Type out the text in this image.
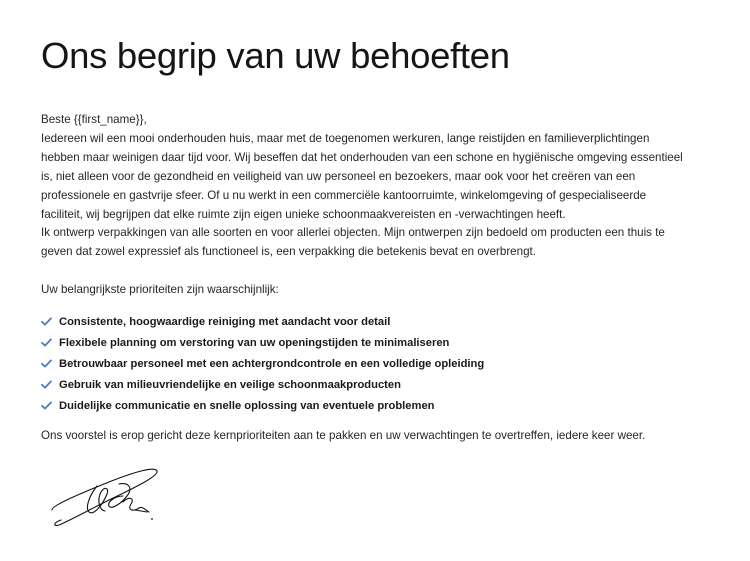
Ons begrip van uw behoeften

Beste {{first_name}},

Iedereen wil een mooi onderhouden huis, maar met de toegenomen werkuren, lange reistijden en familieverplichtingen hebben maar weinigen daar tijd voor. Wij beseffen dat het onderhouden van een schone en hygiënische omgeving essentieel is, niet alleen voor de gezondheid en veiligheid van uw personeel en bezoekers, maar ook voor het creëren van een professionele en gastvrije sfeer. Of u nu werkt in een commerciële kantoorruimte, winkelomgeving of gespecialiseerde faciliteit, wij begrijpen dat elke ruimte zijn eigen unieke schoonmaakvereisten en -verwachtingen heeft.

Ik ontwerp verpakkingen van alle soorten en voor allerlei objecten. Mijn ontwerpen zijn bedoeld om producten een thuis te geven dat zowel expressief als functioneel is, een verpakking die betekenis bevat en overbrengt.

Uw belangrijkste prioriteiten zijn waarschijnlijk:
Consistente, hoogwaardige reiniging met aandacht voor detail
Flexibele planning om verstoring van uw openingstijden te minimaliseren
Betrouwbaar personeel met een achtergrondcontrole en een volledige opleiding
Gebruik van milieuvriendelijke en veilige schoonmaakproducten
Duidelijke communicatie en snelle oplossing van eventuele problemen
Ons voorstel is erop gericht deze kernprioriteiten aan te pakken en uw verwachtingen te overtreffen, iedere keer weer.
